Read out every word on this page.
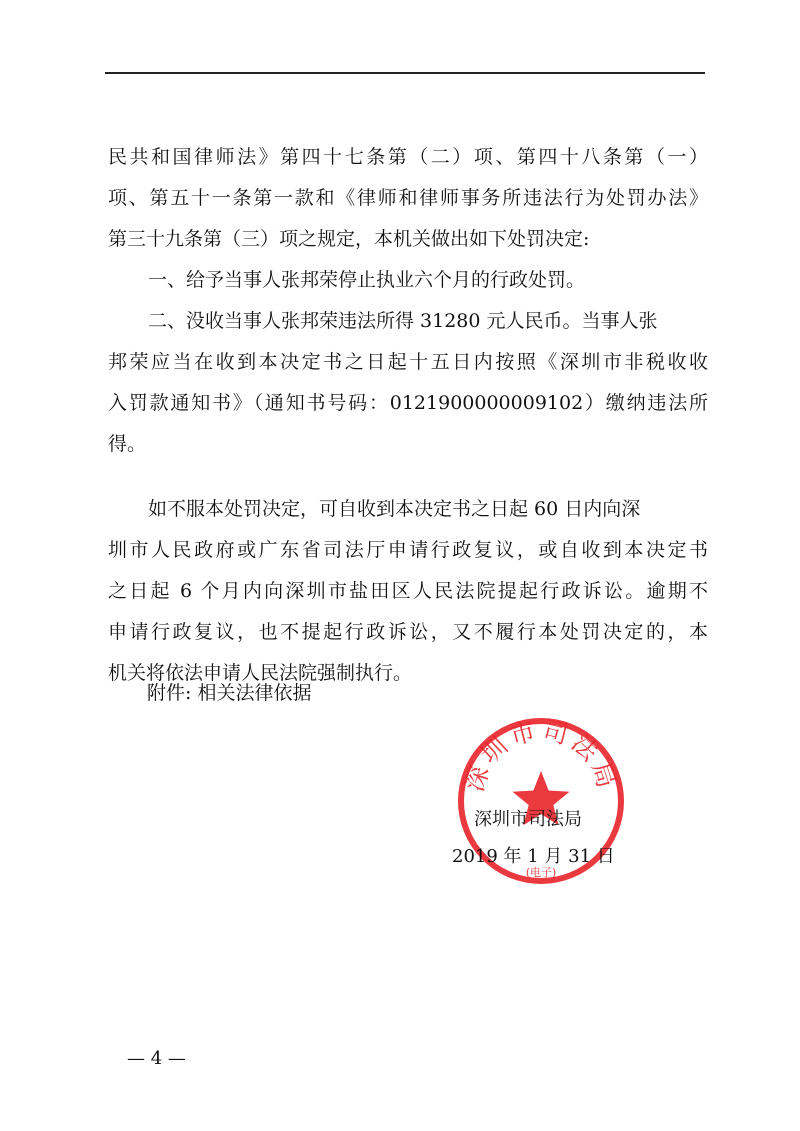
民共和国律师法》第四十七条第（二）项、第四十八条第（一）
项、第五十一条第一款和《律师和律师事务所违法行为处罚办法》
第三十九条第（三）项之规定，本机关做出如下处罚决定:
一、给予当事人张邦荣停止执业六个月的行政处罚。
二、没收当事人张邦荣违法所得 31280 元人民币。当事人张
邦荣应当在收到本决定书之日起十五日内按照《深圳市非税收收
入罚款通知书》（通知书号码：0121900000009102）缴纳违法所
得。
如不服本处罚决定，可自收到本决定书之日起 60 日内向深
圳市人民政府或广东省司法厅申请行政复议，或自收到本决定书
之日起 6 个月内向深圳市盐田区人民法院提起行政诉讼。逾期不
申请行政复议，也不提起行政诉讼，又不履行本处罚决定的，本
机关将依法申请人民法院强制执行。
附件: 相关法律依据
深圳市司法局
(电子)
深圳市司法局
2019 年 1 月 31 日
— 4 —
